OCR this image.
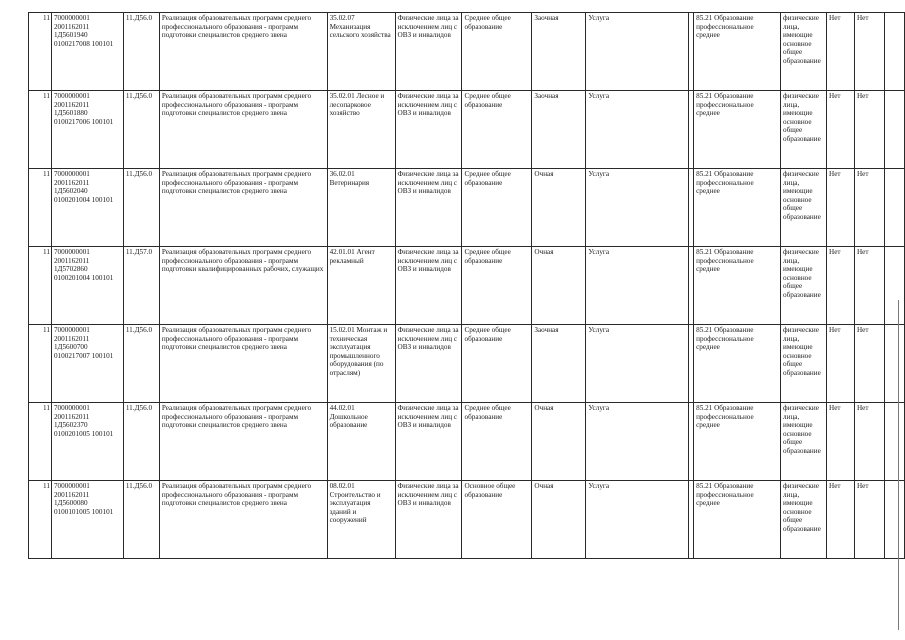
11	7000000001 2001162011 1Д5601940 0100217008 100101	11.Д56.0	Реализация образовательных программ среднего профессионального образования - программ подготовки специалистов среднего звена	35.02.07 Механизация сельского хозяйства	Физические лица за исключением лиц с ОВЗ и инвалидов	Среднее общее образование	Заочная	Услуга		85.21 Образование профессиональное среднее	физические лица, имеющие основное общее образование	Нет	Нет	
11	7000000001 2001162011 1Д5601880 0100217006 100101	11.Д56.0	Реализация образовательных программ среднего профессионального образования - программ подготовки специалистов среднего звена	35.02.01 Лесное и лесопарковое хозяйство	Физические лица за исключением лиц с ОВЗ и инвалидов	Среднее общее образование	Заочная	Услуга		85.21 Образование профессиональное среднее	физические лица, имеющие основное общее образование	Нет	Нет	
11	7000000001 2001162011 1Д5602040 0100201004 100101	11.Д56.0	Реализация образовательных программ среднего профессионального образования - программ подготовки специалистов среднего звена	36.02.01 Ветеринария	Физические лица за исключением лиц с ОВЗ и инвалидов	Среднее общее образование	Очная	Услуга		85.21 Образование профессиональное среднее	физические лица, имеющие основное общее образование	Нет	Нет	
11	7000000001 2001162011 1Д5702860 0100201004 100101	11.Д57.0	Реализация образовательных программ среднего профессионального образования - программ подготовки квалифицированных рабочих, служащих	42.01.01 Агент рекламный	Физические лица за исключением лиц с ОВЗ и инвалидов	Среднее общее образование	Очная	Услуга		85.21 Образование профессиональное среднее	физические лица, имеющие основное общее образование	Нет	Нет	
11	7000000001 2001162011 1Д5600700 0100217007 100101	11.Д56.0	Реализация образовательных программ среднего профессионального образования - программ подготовки специалистов среднего звена	15.02.01 Монтаж и техническая эксплуатация промышленного оборудования (по отраслям)	Физические лица за исключением лиц с ОВЗ и инвалидов	Среднее общее образование	Заочная	Услуга		85.21 Образование профессиональное среднее	физические лица, имеющие основное общее образование	Нет	Нет	
11	7000000001 2001162011 1Д5602370 0100201005 100101	11.Д56.0	Реализация образовательных программ среднего профессионального образования - программ подготовки специалистов среднего звена	44.02.01 Дошкольное образование	Физические лица за исключением лиц с ОВЗ и инвалидов	Среднее общее образование	Очная	Услуга		85.21 Образование профессиональное среднее	физические лица, имеющие основное общее образование	Нет	Нет	
11	7000000001 2001162011 1Д5600080 0100101005 100101	11.Д56.0	Реализация образовательных программ среднего профессионального образования - программ подготовки специалистов среднего звена	08.02.01 Строительство и эксплуатация зданий и сооружений	Физические лица за исключением лиц с ОВЗ и инвалидов	Основное общее образование	Очная	Услуга		85.21 Образование профессиональное среднее	физические лица, имеющие основное общее образование	Нет	Нет	
